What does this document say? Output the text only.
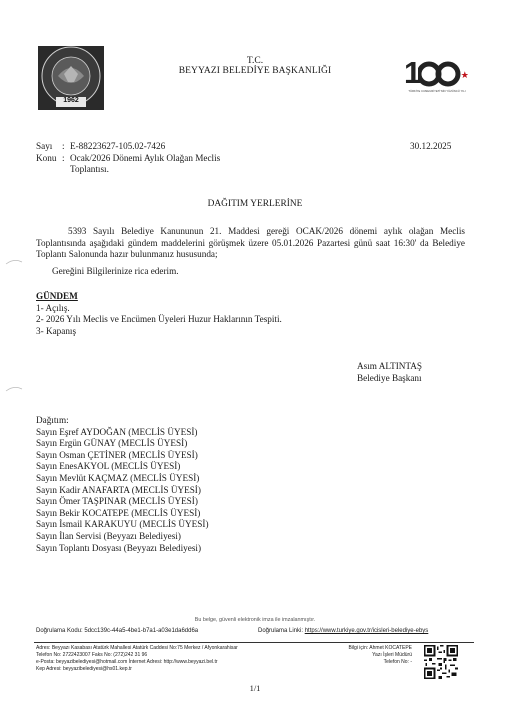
1962
T.C.
BEYYAZI BELEDİYE BAŞKANLIĞI	1
TÜRKİYE CUMHURİYETİ'NİN YÜZÜNCÜ YILI
Sayı	: E-88223627-105.02-7426
Konu : Ocak/2026 Dönemi Aylık Olağan Meclis
Toplantısı.
30.12.2025
DAĞITIM YERLERİNE

5393 Sayılı Belediye Kanununun 21. Maddesi gereği OCAK/2026 dönemi aylık olağan Meclis Toplantısında aşağıdaki gündem maddelerini görüşmek üzere 05.01.2026 Pazartesi günü saat 16:30' da Belediye Toplantı Salonunda hazır bulunmanız hususunda;

Gereğini Bilgilerinize rica ederim.
GÜNDEM
1- Açılış.
2- 2026 Yılı Meclis ve Encümen Üyeleri Huzur Haklarının Tespiti.
3- Kapanış
Asım ALTINTAŞ
Belediye Başkanı
Dağıtım:
Sayın Eşref AYDOĞAN (MECLİS ÜYESİ)
Sayın Ergün GÜNAY (MECLİS ÜYESİ)
Sayın Osman ÇETİNER (MECLİS ÜYESİ)
Sayın EnesAKYOL (MECLİS ÜYESİ)
Sayın Mevlüt KAÇMAZ (MECLİS ÜYESİ)
Sayın Kadir ANAFARTA (MECLİS ÜYESİ)
Sayın Ömer TAŞPINAR (MECLİS ÜYESİ)
Sayın Bekir KOCATEPE (MECLİS ÜYESİ)
Sayın İsmail KARAKUYU (MECLİS ÜYESİ)
Sayın İlan Servisi (Beyyazı Belediyesi)
Sayın Toplantı Dosyası (Beyyazı Belediyesi)
Bu belge, güvenli elektronik imza ile imzalanmıştır.
Doğrulama Kodu: 5dcc139c-44a5-4be1-b7a1-a03e1da6dd6a	Doğrulama Linki: https://www.turkiye.gov.tr/icisleri-belediye-ebys
Adres: Beyyazı Kasabası Atatürk Mahallesi Atatürk Caddesi No:75 Merkez / Afyonkarahisar
Telefon No: 2722423007 Faks No: (272)242 31 96
e-Posta: beyyazibelediyesi@hotmail.com İnternet Adresi: http://www.beyyazi.bel.tr
Kep Adresi: beyyazibelediyesi@hs01.kep.tr
Bilgi için: Ahmet KOCATEPE
Yazı İşleri Müdürü
Telefon No: -
1/1
